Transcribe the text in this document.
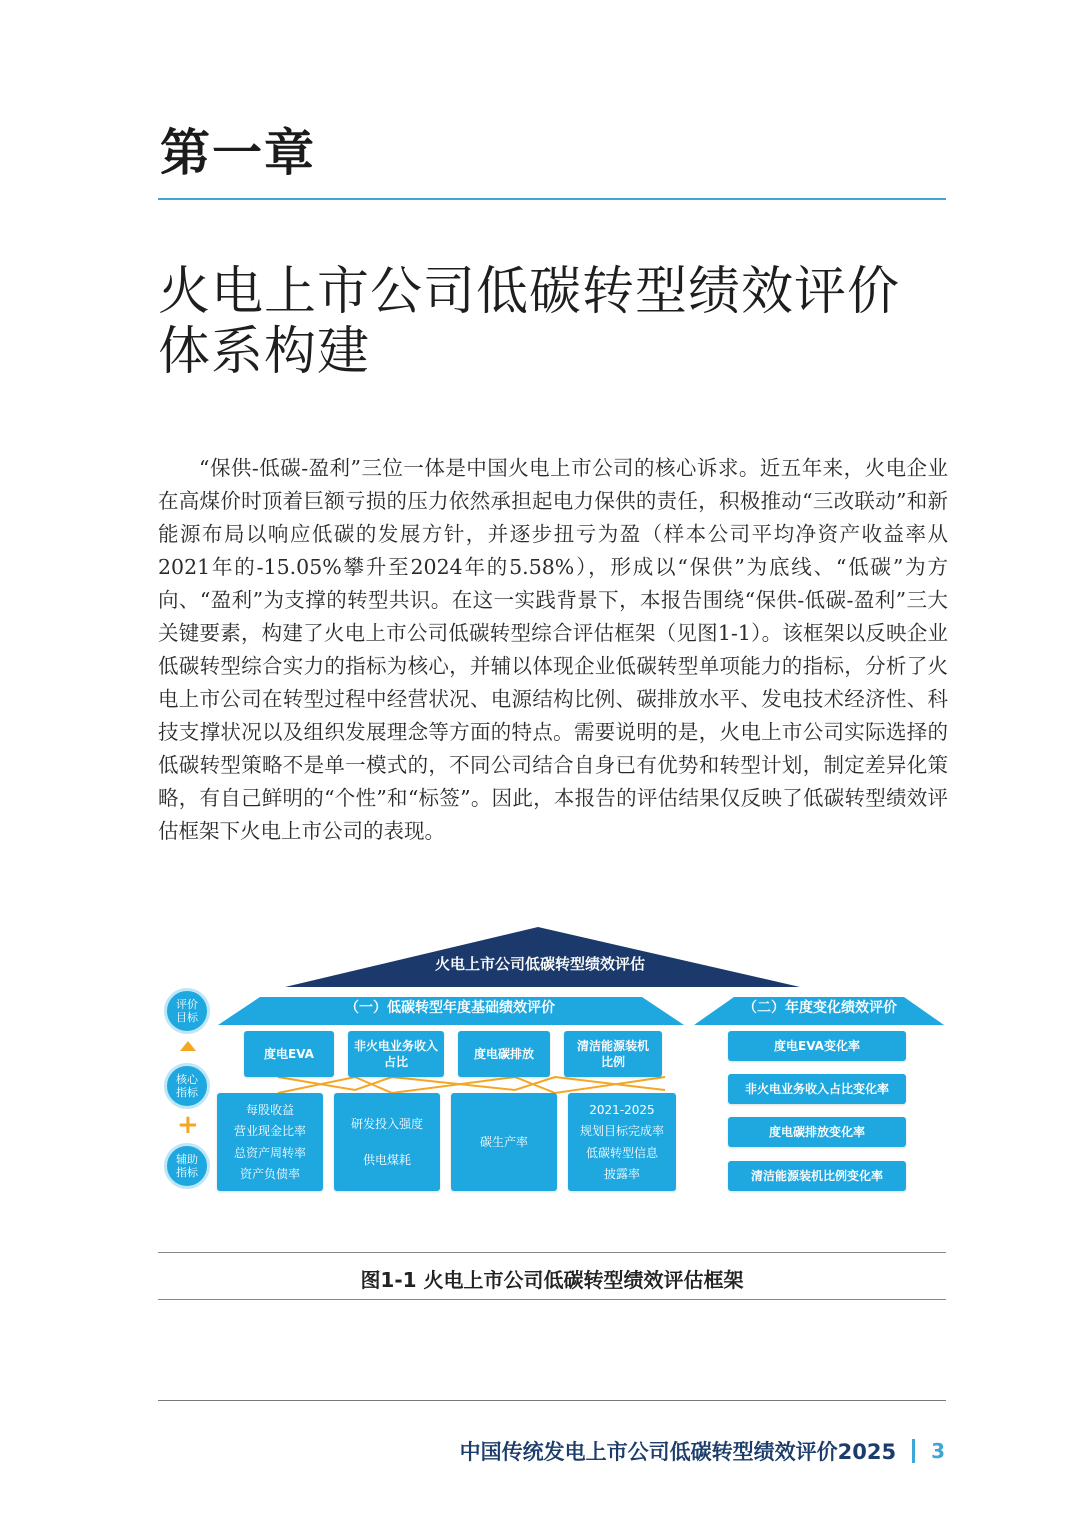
第一章
火电上市公司低碳转型绩效评价
体系构建

“保供-低碳-盈利”三位一体是中国火电上市公司的核心诉求。近五年来，火电企业在高煤价时顶着巨额亏损的压力依然承担起电力保供的责任，积极推动“三改联动”和新能源布局以响应低碳的发展方针，并逐步扭亏为盈（样本公司平均净资产收益率从2021年的-15.05%攀升至2024年的5.58%），形成以“保供”为底线、“低碳”为方向、“盈利”为支撑的转型共识。在这一实践背景下，本报告围绕“保供-低碳-盈利”三大关键要素，构建了火电上市公司低碳转型综合评估框架（见图1-1）。该框架以反映企业低碳转型综合实力的指标为核心，并辅以体现企业低碳转型单项能力的指标，分析了火电上市公司在转型过程中经营状况、电源结构比例、碳排放水平、发电技术经济性、科技支撑状况以及组织发展理念等方面的特点。需要说明的是，火电上市公司实际选择的低碳转型策略不是单一模式的，不同公司结合自身已有优势和转型计划，制定差异化策略，有自己鲜明的“个性”和“标签”。因此，本报告的评估结果仅反映了低碳转型绩效评估框架下火电上市公司的表现。

火电上市公司低碳转型绩效评估
（一）低碳转型年度基础绩效评价	（二）年度变化绩效评价
评价目标
核心指标
+
辅助指标
度电EVA
非火电业务收入
占比
度电碳排放
清洁能源装机
比例
每股收益
营业现金比率
总资产周转率
资产负债率
研发投入强度
供电煤耗
碳生产率
2021-2025
规划目标完成率
低碳转型信息
披露率
度电EVA变化率
非火电业务收入占比变化率
度电碳排放变化率
清洁能源装机比例变化率
图1-1 火电上市公司低碳转型绩效评估框架
中国传统发电上市公司低碳转型绩效评价2025 3
